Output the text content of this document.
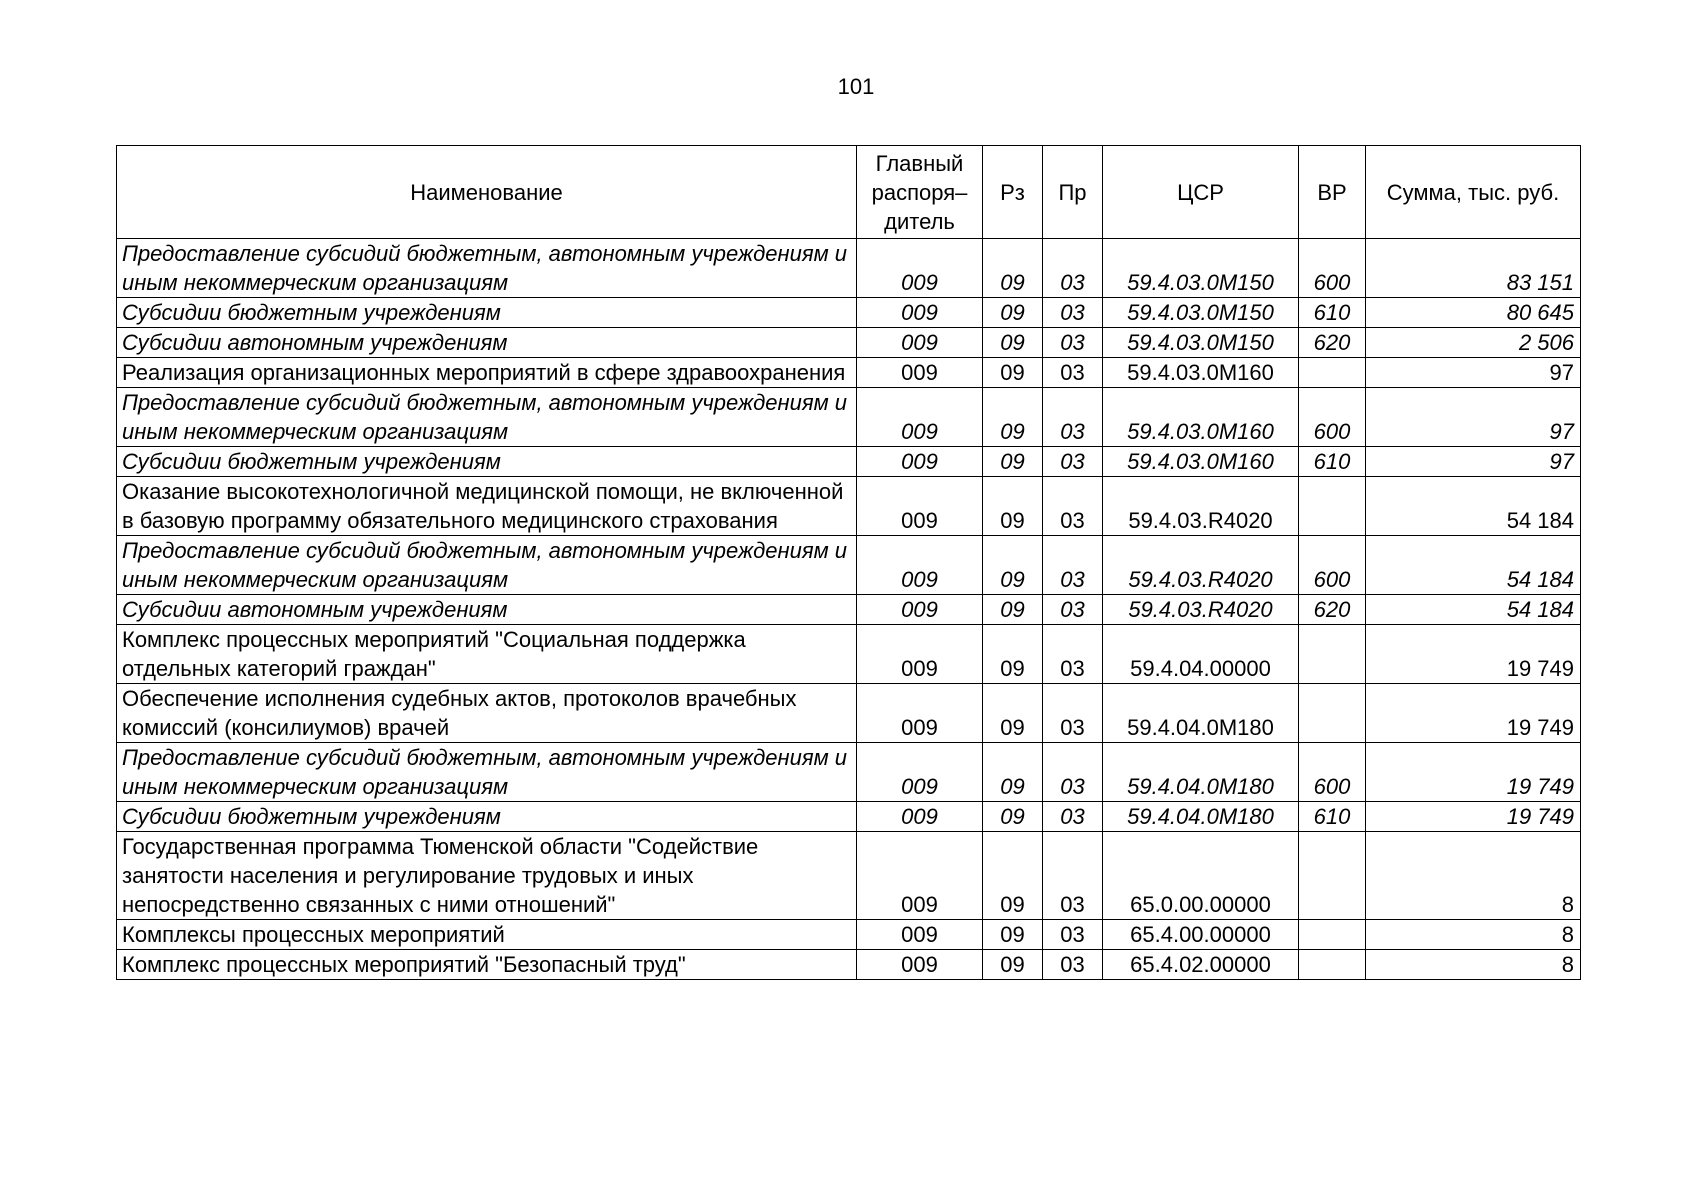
101
Наименование	Главный распоря– дитель	Рз	Пр	ЦСР	ВР	Сумма, тыс. руб.
Предоставление субсидий бюджетным, автономным учреждениям и иным некоммерческим организациям	009	09	03	59.4.03.0М150	600	83 151
Субсидии бюджетным учреждениям	009	09	03	59.4.03.0М150	610	80 645
Субсидии автономным учреждениям	009	09	03	59.4.03.0М150	620	2 506
Реализация организационных мероприятий в сфере здравоохранения	009	09	03	59.4.03.0М160		97
Предоставление субсидий бюджетным, автономным учреждениям и иным некоммерческим организациям	009	09	03	59.4.03.0М160	600	97
Субсидии бюджетным учреждениям	009	09	03	59.4.03.0М160	610	97
Оказание высокотехнологичной медицинской помощи, не включенной в базовую программу обязательного медицинского страхования	009	09	03	59.4.03.R4020		54 184
Предоставление субсидий бюджетным, автономным учреждениям и иным некоммерческим организациям	009	09	03	59.4.03.R4020	600	54 184
Субсидии автономным учреждениям	009	09	03	59.4.03.R4020	620	54 184
Комплекс процессных мероприятий "Социальная поддержка отдельных категорий граждан"	009	09	03	59.4.04.00000		19 749
Обеспечение исполнения судебных актов, протоколов врачебных комиссий (консилиумов) врачей	009	09	03	59.4.04.0М180		19 749
Предоставление субсидий бюджетным, автономным учреждениям и иным некоммерческим организациям	009	09	03	59.4.04.0М180	600	19 749
Субсидии бюджетным учреждениям	009	09	03	59.4.04.0М180	610	19 749
Государственная программа Тюменской области "Содействие занятости населения и регулирование трудовых и иных непосредственно связанных с ними отношений"	009	09	03	65.0.00.00000		8
Комплексы процессных мероприятий	009	09	03	65.4.00.00000		8
Комплекс процессных мероприятий "Безопасный труд"	009	09	03	65.4.02.00000		8
